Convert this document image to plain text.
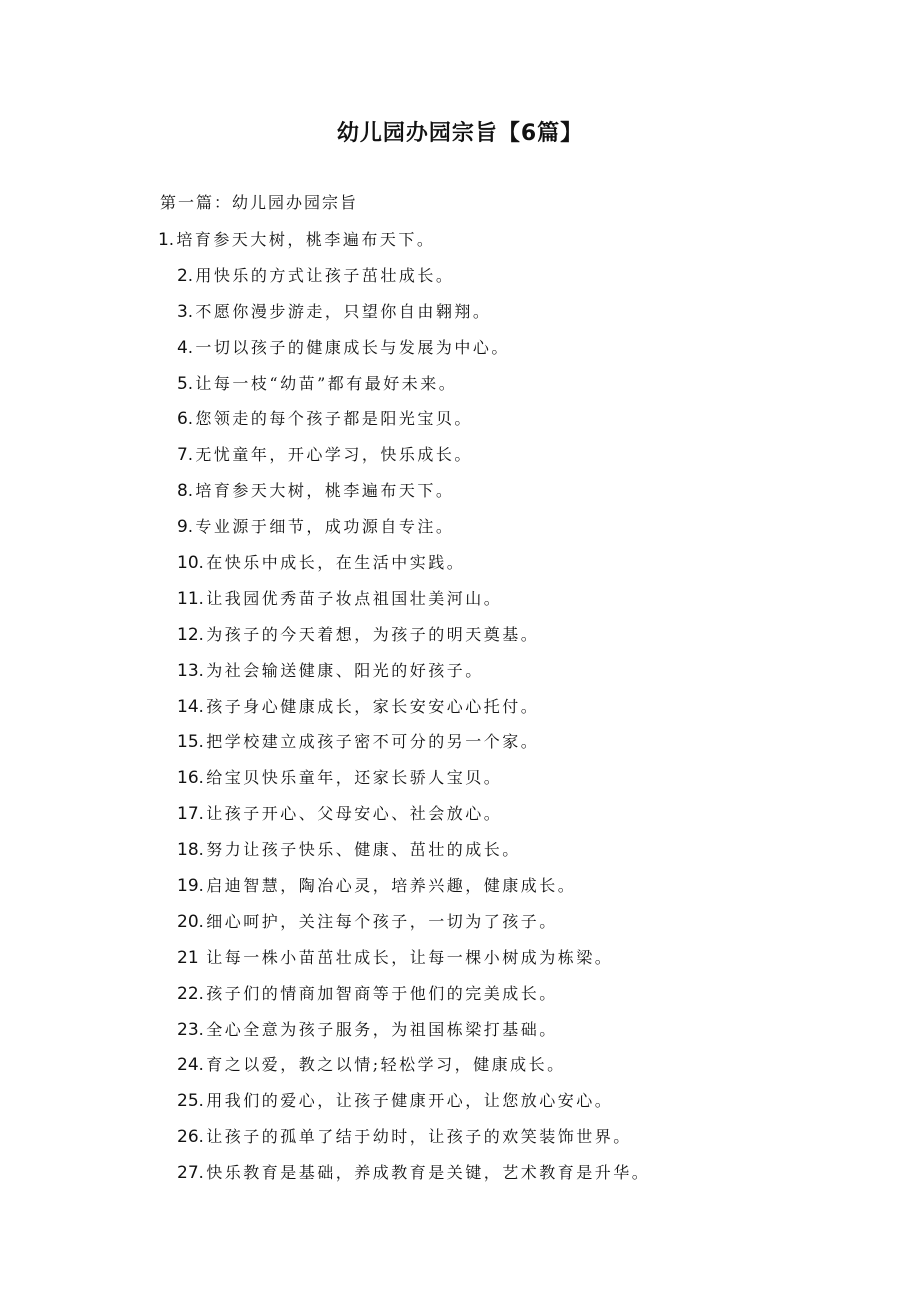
幼儿园办园宗旨【6篇】
第一篇：幼儿园办园宗旨
1.培育参天大树，桃李遍布天下。
2.用快乐的方式让孩子茁壮成长。
3.不愿你漫步游走，只望你自由翱翔。
4.一切以孩子的健康成长与发展为中心。
5.让每一枝“幼苗”都有最好未来。
6.您领走的每个孩子都是阳光宝贝。
7.无忧童年，开心学习，快乐成长。
8.培育参天大树，桃李遍布天下。
9.专业源于细节，成功源自专注。
10.在快乐中成长，在生活中实践。
11.让我园优秀苗子妆点祖国壮美河山。
12.为孩子的今天着想，为孩子的明天奠基。
13.为社会输送健康、阳光的好孩子。
14.孩子身心健康成长，家长安安心心托付。
15.把学校建立成孩子密不可分的另一个家。
16.给宝贝快乐童年，还家长骄人宝贝。
17.让孩子开心、父母安心、社会放心。
18.努力让孩子快乐、健康、茁壮的成长。
19.启迪智慧，陶冶心灵，培养兴趣，健康成长。
20.细心呵护，关注每个孩子，一切为了孩子。
21 让每一株小苗茁壮成长，让每一棵小树成为栋梁。
22.孩子们的情商加智商等于他们的完美成长。
23.全心全意为孩子服务，为祖国栋梁打基础。
24.育之以爱，教之以情;轻松学习，健康成长。
25.用我们的爱心，让孩子健康开心，让您放心安心。
26.让孩子的孤单了结于幼时，让孩子的欢笑装饰世界。
27.快乐教育是基础，养成教育是关键，艺术教育是升华。
